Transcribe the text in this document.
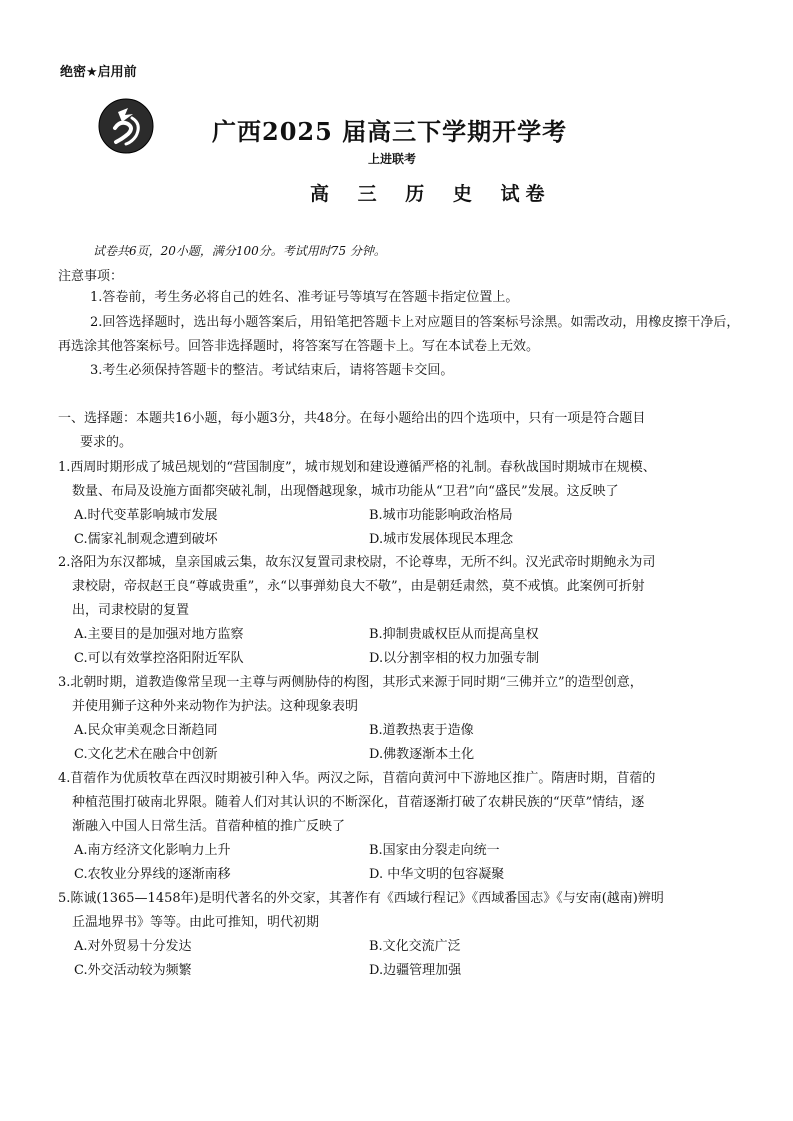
绝密★启用前
广西2025 届高三下学期开学考
上进联考
高 三 历 史 试卷
试卷共6页，20小题，满分100分。考试用时75 分钟。
注意事项：
1.答卷前，考生务必将自己的姓名、准考证号等填写在答题卡指定位置上。
2.回答选择题时，选出每小题答案后，用铅笔把答题卡上对应题目的答案标号涂黑。如需改动，用橡皮擦干净后，再选涂其他答案标号。回答非选择题时，将答案写在答题卡上。写在本试卷上无效。
3.考生必须保持答题卡的整洁。考试结束后，请将答题卡交回。
一、选择题：本题共16小题，每小题3分，共48分。在每小题给出的四个选项中，只有一项是符合题目
要求的。
1.西周时期形成了城邑规划的“营国制度”，城市规划和建设遵循严格的礼制。春秋战国时期城市在规模、
数量、布局及设施方面都突破礼制，出现僭越现象，城市功能从“卫君”向“盛民”发展。这反映了
A.时代变革影响城市发展	B.城市功能影响政治格局
C.儒家礼制观念遭到破坏	D.城市发展体现民本理念
2.洛阳为东汉都城，皇亲国戚云集，故东汉复置司隶校尉，不论尊卑，无所不纠。汉光武帝时期鲍永为司
隶校尉，帝叔赵王良“尊戚贵重”，永“以事弹劾良大不敬”，由是朝廷肃然，莫不戒慎。此案例可折射
出，司隶校尉的复置
A.主要目的是加强对地方监察	B.抑制贵戚权臣从而提高皇权
C.可以有效掌控洛阳附近军队	D.以分割宰相的权力加强专制
3.北朝时期，道教造像常呈现一主尊与两侧胁侍的构图，其形式来源于同时期“三佛并立”的造型创意，
并使用狮子这种外来动物作为护法。这种现象表明
A.民众审美观念日渐趋同	B.道教热衷于造像
C.文化艺术在融合中创新	D.佛教逐渐本土化
4.苜蓿作为优质牧草在西汉时期被引种入华。两汉之际，苜蓿向黄河中下游地区推广。隋唐时期，苜蓿的
种植范围打破南北界限。随着人们对其认识的不断深化，苜蓿逐渐打破了农耕民族的“厌草”情结，逐
渐融入中国人日常生活。苜蓿种植的推广反映了
A.南方经济文化影响力上升	B.国家由分裂走向统一
C.农牧业分界线的逐渐南移	D. 中华文明的包容凝聚
5.陈诚(1365—1458年)是明代著名的外交家，其著作有《西域行程记》《西域番国志》《与安南(越南)辨明
丘温地界书》等等。由此可推知，明代初期
A.对外贸易十分发达	B.文化交流广泛
C.外交活动较为频繁	D.边疆管理加强
